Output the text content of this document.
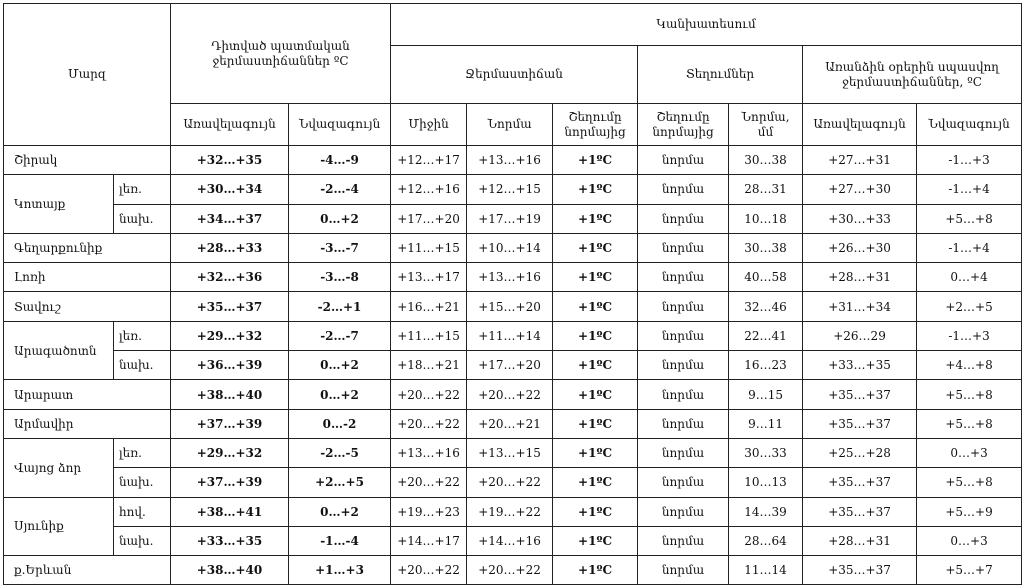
Մարզ		Դիտված պատմական ջերմաստիճաններ ºC		Կանխատեսում						
				Ջերմաստիճան			Տեղումներ		Առանձին օրերին սպասվող ջերմաստիճաններ, ºC	
		Առավելագույն	Նվազագույն	Միջին	Նորմա	Շեղումը նորմայից	Շեղումը նորմայից	Նորմա, մմ	Առավելագույն	Նվազագույն
Շիրակ		+32…+35	-4…-9	+12…+17	+13…+16	+1ºC	նորմա	30…38	+27…+31	-1…+3
Կոտայք	լեռ.	+30…+34	-2…-4	+12…+16	+12…+15	+1ºC	նորմա	28…31	+27…+30	-1…+4
	նախ.	+34…+37	0…+2	+17…+20	+17…+19	+1ºC	նորմա	10…18	+30…+33	+5…+8
Գեղարքունիք		+28…+33	-3…-7	+11…+15	+10…+14	+1ºC	նորմա	30…38	+26…+30	-1…+4
Լոռի		+32…+36	-3…-8	+13…+17	+13…+16	+1ºC	նորմա	40…58	+28…+31	0…+4
Տավուշ		+35…+37	-2…+1	+16…+21	+15…+20	+1ºC	նորմա	32…46	+31…+34	+2…+5
Արագածոտն	լեռ.	+29…+32	-2…-7	+11…+15	+11…+14	+1ºC	նորմա	22…41	+26…29	-1…+3
	նախ.	+36…+39	0…+2	+18…+21	+17…+20	+1ºC	նորմա	16…23	+33…+35	+4…+8
Արարատ		+38…+40	0…+2	+20…+22	+20…+22	+1ºC	նորմա	9…15	+35…+37	+5…+8
Արմավիր		+37…+39	0…-2	+20…+22	+20…+21	+1ºC	նորմա	9…11	+35…+37	+5…+8
Վայոց ձոր	լեռ.	+29…+32	-2…-5	+13…+16	+13…+15	+1ºC	նորմա	30…33	+25…+28	0…+3
	նախ.	+37…+39	+2…+5	+20…+22	+20…+22	+1ºC	նորմա	10…13	+35…+37	+5…+8
Սյունիք	հով.	+38…+41	0…+2	+19…+23	+19…+22	+1ºC	նորմա	14…39	+35…+37	+5…+9
	նախ.	+33…+35	-1…-4	+14…+17	+14…+16	+1ºC	նորմա	28…64	+28…+31	0…+3
ք.Երևան		+38…+40	+1…+3	+20…+22	+20…+22	+1ºC	նորմա	11…14	+35…+37	+5…+7
